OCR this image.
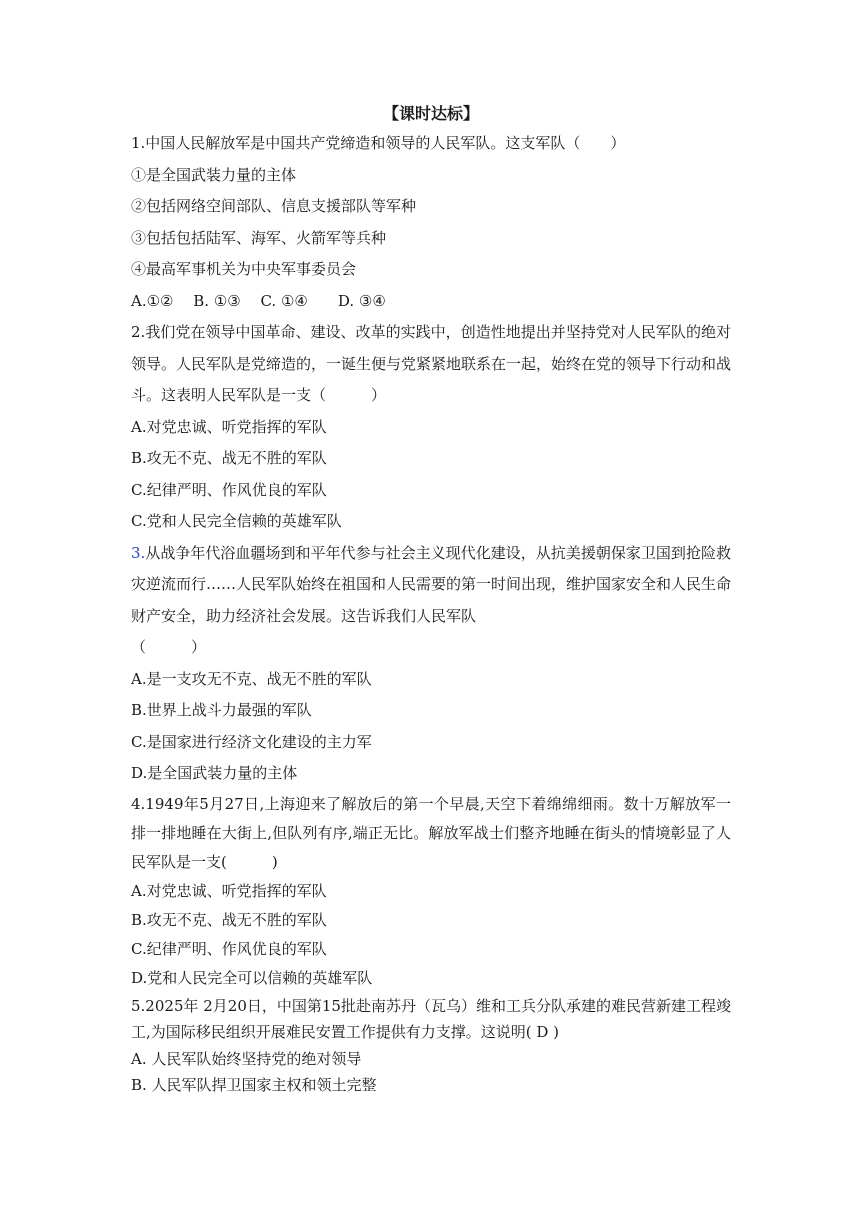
【课时达标】

1.中国人民解放军是中国共产党缔造和领导的人民军队。这支军队（　　）

①是全国武装力量的主体

②包括网络空间部队、信息支援部队等军种

③包括包括陆军、海军、火箭军等兵种

④最高军事机关为中央军事委员会

A.①②　 B. ①③　 C. ①④　　D. ③④

2.我们党在领导中国革命、建设、改革的实践中，创造性地提出并坚持党对人民军队的绝对领导。人民军队是党缔造的，一诞生便与党紧紧地联系在一起，始终在党的领导下行动和战斗。这表明人民军队是一支（　　　）

A.对党忠诚、听党指挥的军队

B.攻无不克、战无不胜的军队

C.纪律严明、作风优良的军队

C.党和人民完全信赖的英雄军队

3.从战争年代浴血疆场到和平年代参与社会主义现代化建设，从抗美援朝保家卫国到抢险救灾逆流而行……人民军队始终在祖国和人民需要的第一时间出现，维护国家安全和人民生命财产安全，助力经济社会发展。这告诉我们人民军队

（　　　）

A.是一支攻无不克、战无不胜的军队

B.世界上战斗力最强的军队

C.是国家进行经济文化建设的主力军

D.是全国武装力量的主体

4.1949年5月27日,上海迎来了解放后的第一个早晨,天空下着绵绵细雨。数十万解放军一排一排地睡在大街上,但队列有序,端正无比。解放军战士们整齐地睡在街头的情境彰显了人民军队是一支(　　　)

A.对党忠诚、听党指挥的军队

B.攻无不克、战无不胜的军队

C.纪律严明、作风优良的军队

D.党和人民完全可以信赖的英雄军队

5.2025年 2月20日，中国第15批赴南苏丹（瓦乌）维和工兵分队承建的难民营新建工程竣工,为国际移民组织开展难民安置工作提供有力支撑。这说明( D )

A. 人民军队始终坚持党的绝对领导

B. 人民军队捍卫国家主权和领土完整
